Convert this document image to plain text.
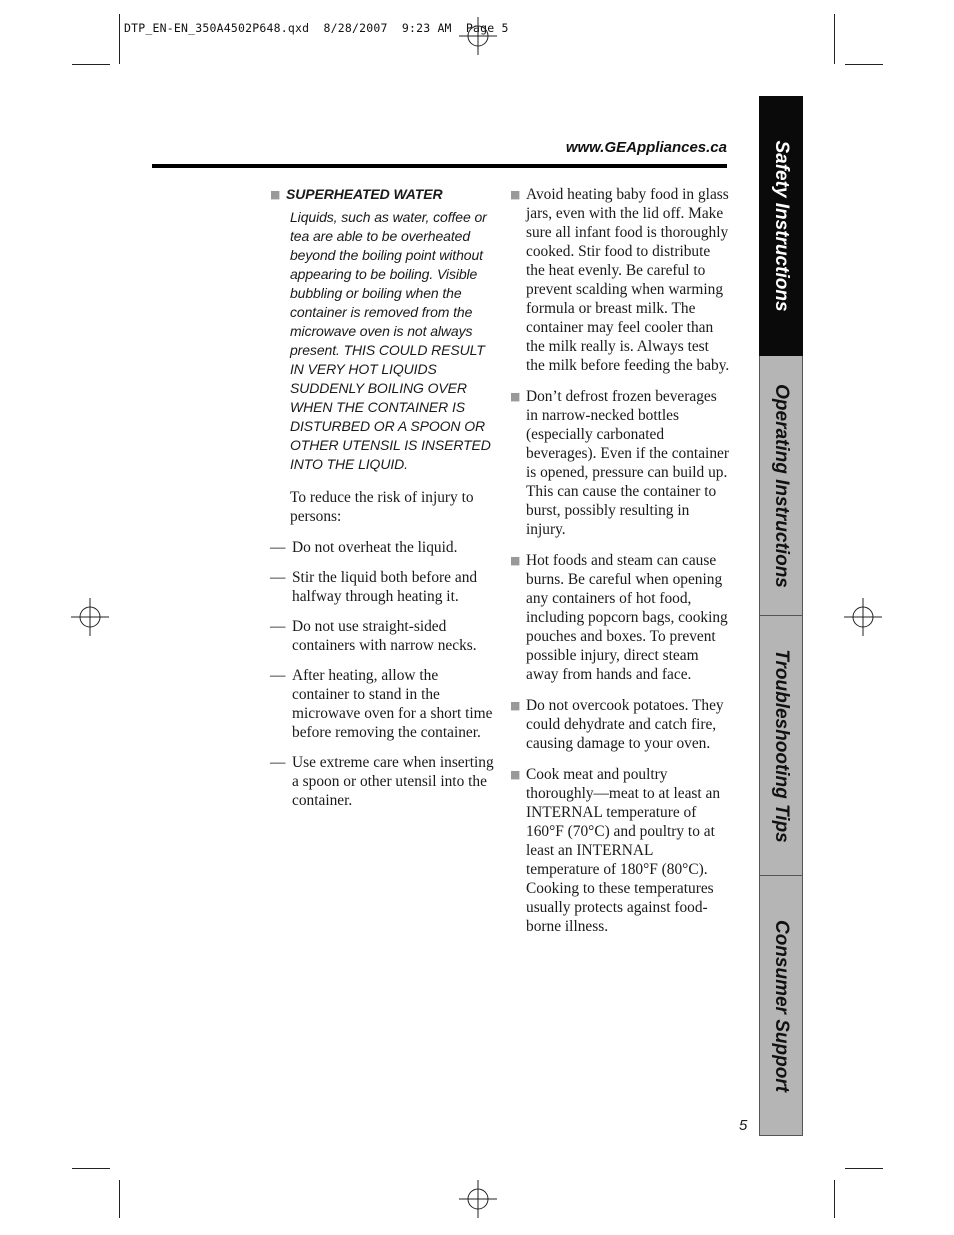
DTP_EN-EN_350A4502P648.qxd  8/28/2007  9:23 AM  Page 5
www.GEAppliances.ca
■ SUPERHEATED WATER
Liquids, such as water, coffee or tea are able to be overheated beyond the boiling point without appearing to be boiling. Visible bubbling or boiling when the container is removed from the microwave oven is not always present. THIS COULD RESULT IN VERY HOT LIQUIDS SUDDENLY BOILING OVER WHEN THE CONTAINER IS DISTURBED OR A SPOON OR OTHER UTENSIL IS INSERTED INTO THE LIQUID.
To reduce the risk of injury to persons:
— Do not overheat the liquid.
— Stir the liquid both before and halfway through heating it.
— Do not use straight-sided containers with narrow necks.
— After heating, allow the container to stand in the microwave oven for a short time before removing the container.
— Use extreme care when inserting a spoon or other utensil into the container.
■ Avoid heating baby food in glass jars, even with the lid off. Make sure all infant food is thoroughly cooked. Stir food to distribute the heat evenly. Be careful to prevent scalding when warming formula or breast milk. The container may feel cooler than the milk really is. Always test the milk before feeding the baby.
■ Don’t defrost frozen beverages in narrow-necked bottles (especially carbonated beverages). Even if the container is opened, pressure can build up. This can cause the container to burst, possibly resulting in injury.
■ Hot foods and steam can cause burns. Be careful when opening any containers of hot food, including popcorn bags, cooking pouches and boxes. To prevent possible injury, direct steam away from hands and face.
■ Do not overcook potatoes. They could dehydrate and catch fire, causing damage to your oven.
■ Cook meat and poultry thoroughly—meat to at least an INTERNAL temperature of 160°F (70°C) and poultry to at least an INTERNAL temperature of 180°F (80°C). Cooking to these temperatures usually protects against food-borne illness.
Safety Instructions
Operating Instructions
Troubleshooting Tips
Consumer Support
5
